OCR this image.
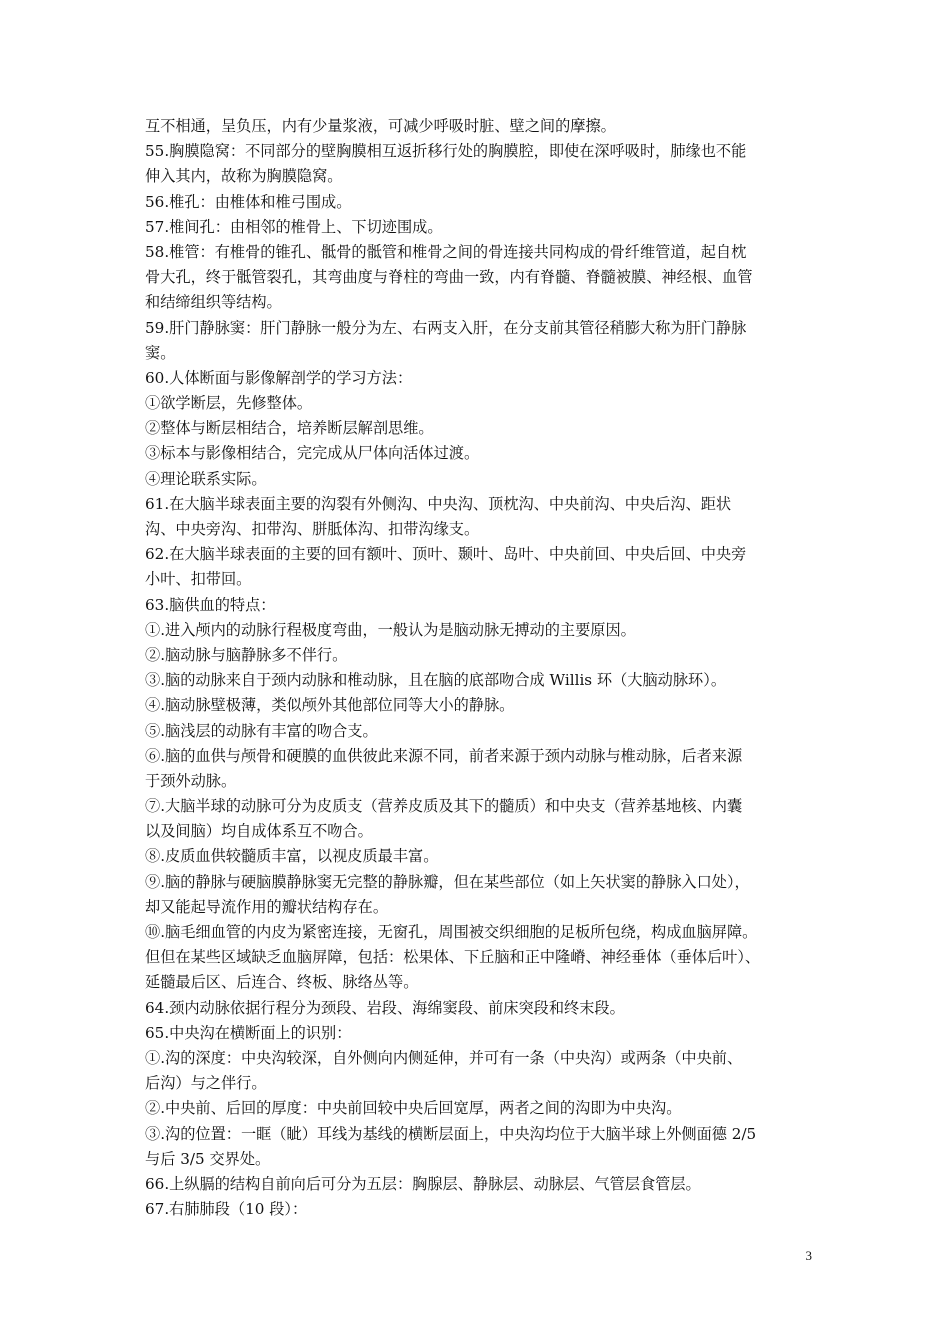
互不相通，呈负压，内有少量浆液，可减少呼吸时脏、壁之间的摩擦。
55.胸膜隐窝：不同部分的壁胸膜相互返折移行处的胸膜腔，即使在深呼吸时，肺缘也不能
伸入其内，故称为胸膜隐窝。
56.椎孔：由椎体和椎弓围成。
57.椎间孔：由相邻的椎骨上、下切迹围成。
58.椎管：有椎骨的锥孔、骶骨的骶管和椎骨之间的骨连接共同构成的骨纤维管道，起自枕
骨大孔，终于骶管裂孔，其弯曲度与脊柱的弯曲一致，内有脊髓、脊髓被膜、神经根、血管
和结缔组织等结构。
59.肝门静脉窦：肝门静脉一般分为左、右两支入肝，在分支前其管径稍膨大称为肝门静脉
窦。
60.人体断面与影像解剖学的学习方法：
①欲学断层，先修整体。
②整体与断层相结合，培养断层解剖思维。
③标本与影像相结合，完完成从尸体向活体过渡。
④理论联系实际。
61.在大脑半球表面主要的沟裂有外侧沟、中央沟、顶枕沟、中央前沟、中央后沟、距状
沟、中央旁沟、扣带沟、胼胝体沟、扣带沟缘支。
62.在大脑半球表面的主要的回有额叶、顶叶、颞叶、岛叶、中央前回、中央后回、中央旁
小叶、扣带回。
63.脑供血的特点：
①.进入颅内的动脉行程极度弯曲，一般认为是脑动脉无搏动的主要原因。
②.脑动脉与脑静脉多不伴行。
③.脑的动脉来自于颈内动脉和椎动脉，且在脑的底部吻合成 Willis 环（大脑动脉环）。
④.脑动脉壁极薄，类似颅外其他部位同等大小的静脉。
⑤.脑浅层的动脉有丰富的吻合支。
⑥.脑的血供与颅骨和硬膜的血供彼此来源不同，前者来源于颈内动脉与椎动脉，后者来源
于颈外动脉。
⑦.大脑半球的动脉可分为皮质支（营养皮质及其下的髓质）和中央支（营养基地核、内囊
以及间脑）均自成体系互不吻合。
⑧.皮质血供较髓质丰富，以视皮质最丰富。
⑨.脑的静脉与硬脑膜静脉窦无完整的静脉瓣，但在某些部位（如上矢状窦的静脉入口处），
却又能起导流作用的瓣状结构存在。
⑩.脑毛细血管的内皮为紧密连接，无窗孔，周围被交织细胞的足板所包绕，构成血脑屏障。
但但在某些区域缺乏血脑屏障，包括：松果体、下丘脑和正中隆嵴、神经垂体（垂体后叶）、
延髓最后区、后连合、终板、脉络丛等。
64.颈内动脉依据行程分为颈段、岩段、海绵窦段、前床突段和终末段。
65.中央沟在横断面上的识别：
①.沟的深度：中央沟较深，自外侧向内侧延伸，并可有一条（中央沟）或两条（中央前、
后沟）与之伴行。
②.中央前、后回的厚度：中央前回较中央后回宽厚，两者之间的沟即为中央沟。
③.沟的位置：一眶（眦）耳线为基线的横断层面上，中央沟均位于大脑半球上外侧面德 2/5
与后 3/5 交界处。
66.上纵膈的结构自前向后可分为五层：胸腺层、静脉层、动脉层、气管层食管层。
67.右肺肺段（10 段）：
3
